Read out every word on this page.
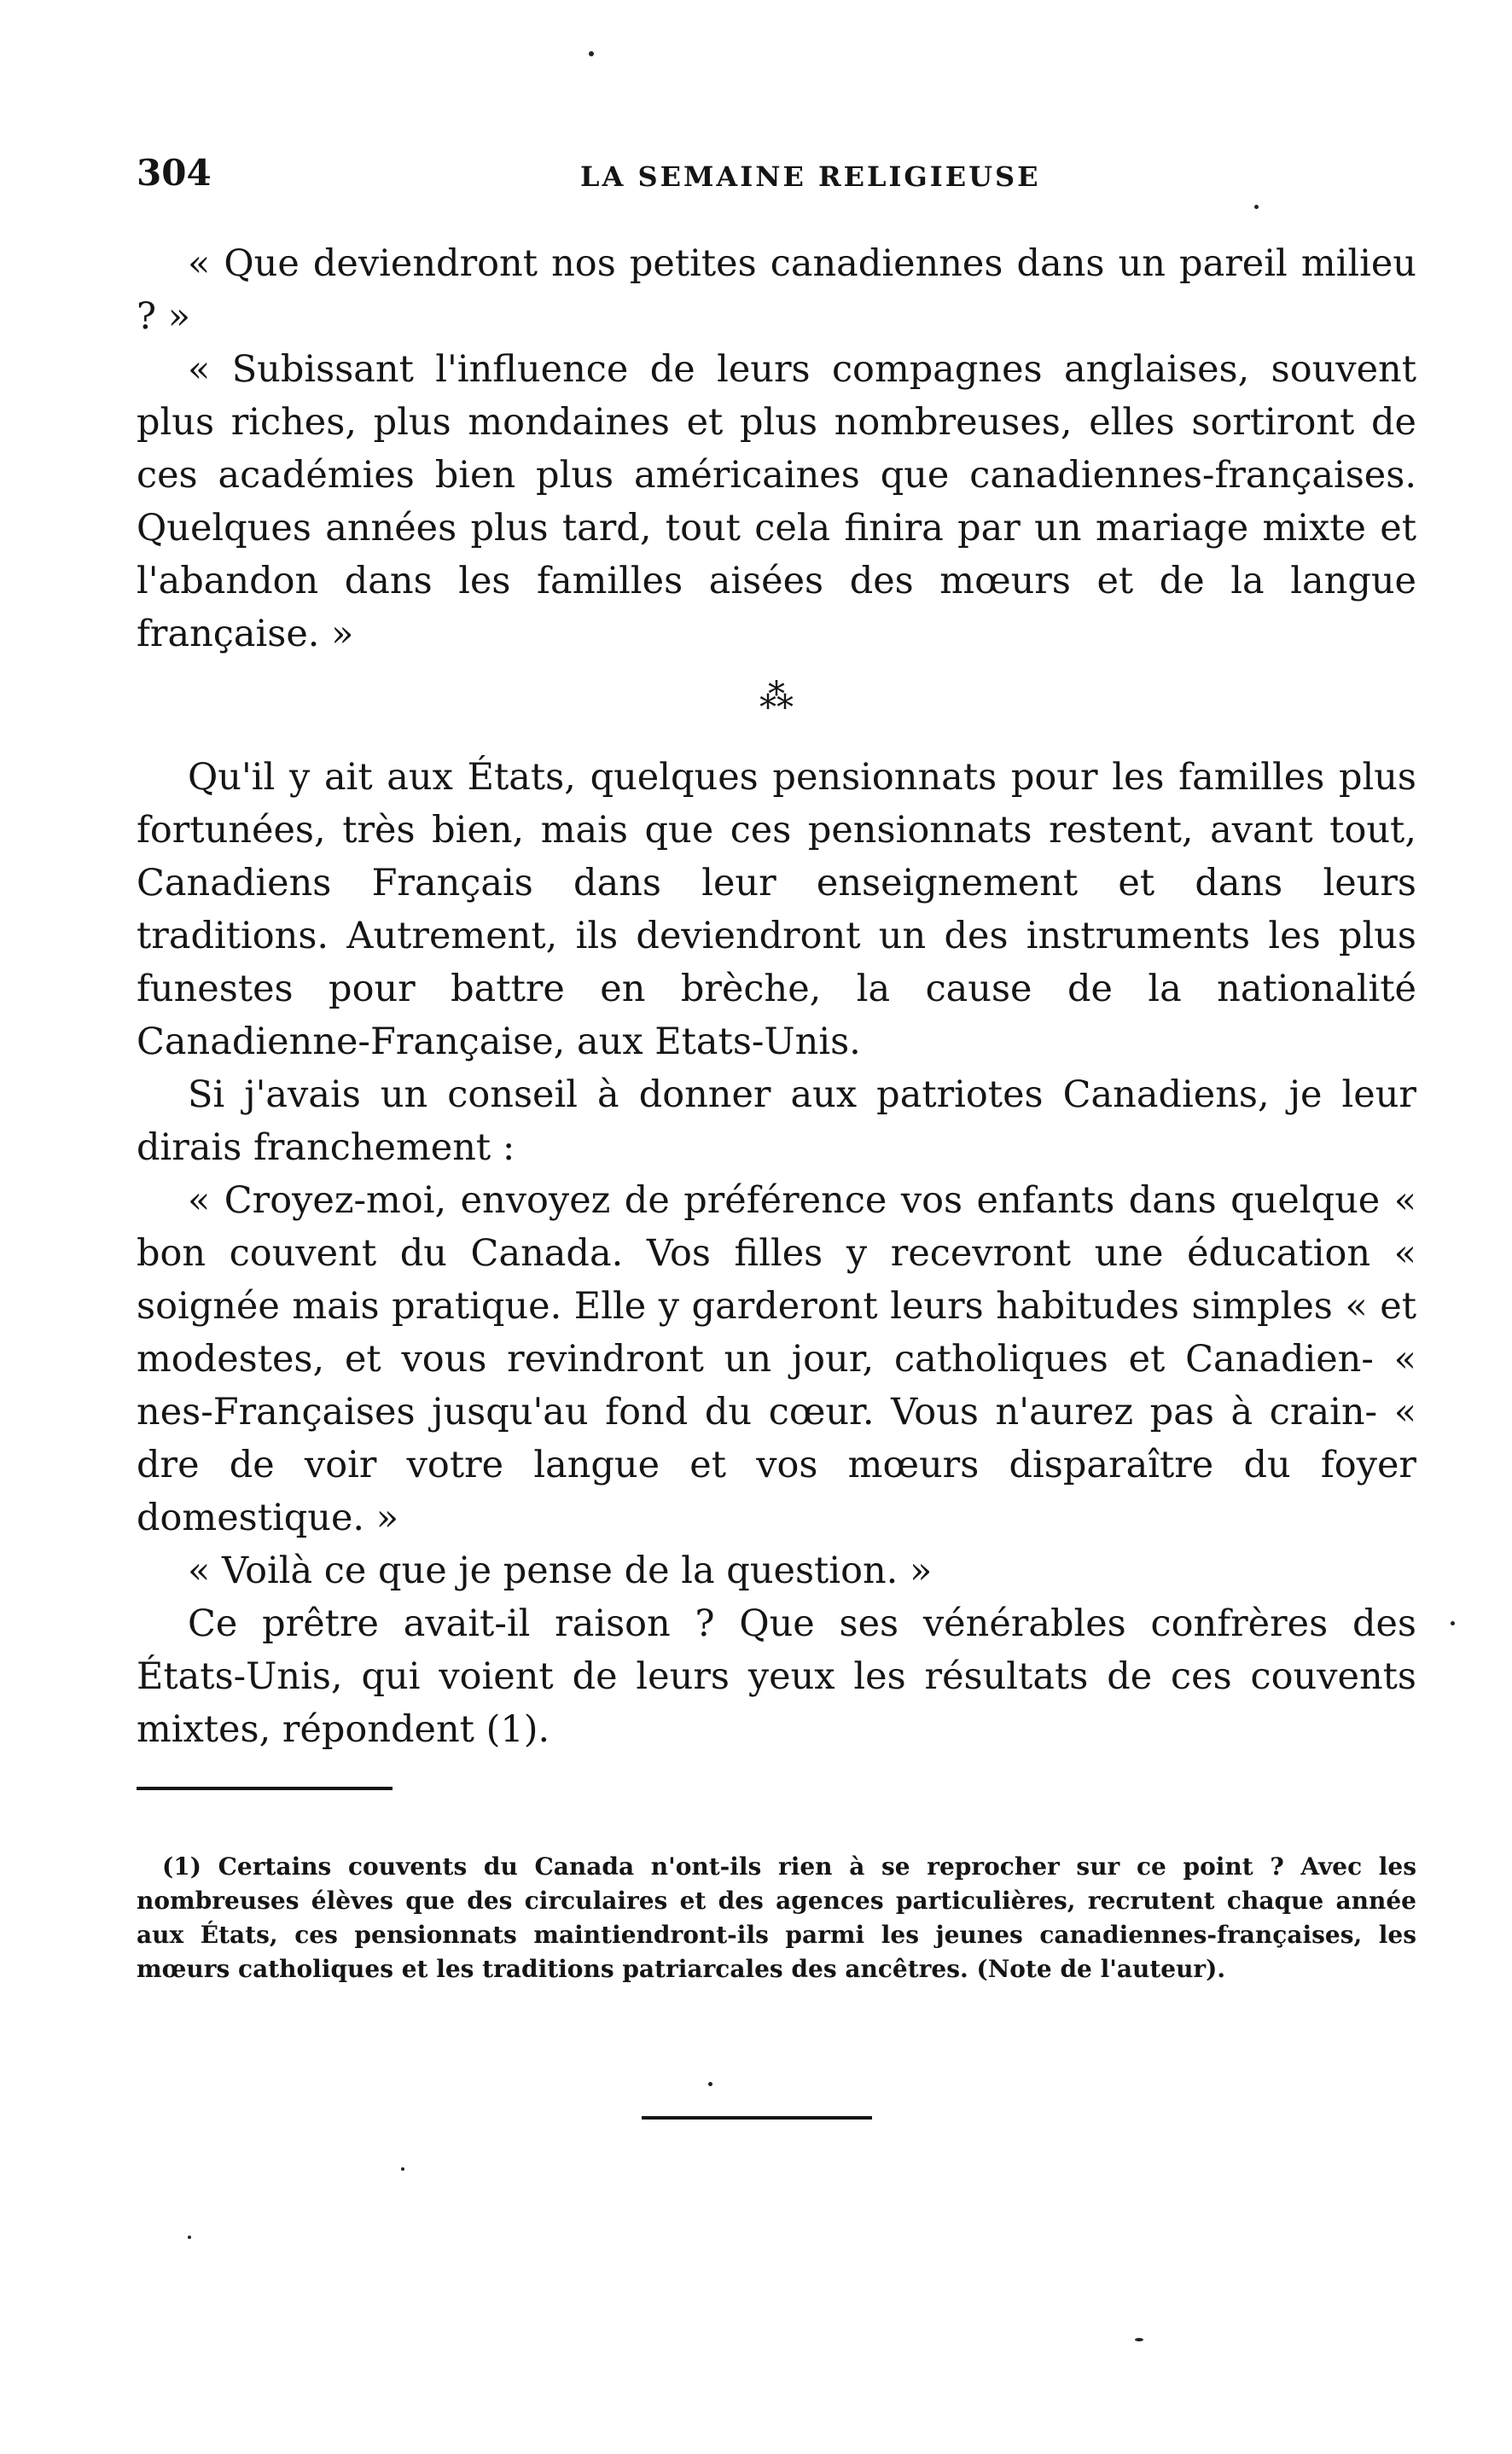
304	LA SEMAINE RELIGIEUSE

« Que deviendront nos petites canadiennes dans un pareil milieu ? »

« Subissant l'influence de leurs compagnes anglaises, souvent plus riches, plus mondaines et plus nombreuses, elles sortiront de ces académies bien plus américaines que canadiennes-françaises. Quelques années plus tard, tout cela finira par un mariage mixte et l'abandon dans les familles aisées des mœurs et de la langue française. »

⁂

Qu'il y ait aux États, quelques pensionnats pour les familles plus fortunées, très bien, mais que ces pensionnats restent, avant tout, Canadiens Français dans leur enseignement et dans leurs traditions. Autrement, ils deviendront un des instruments les plus funestes pour battre en brèche, la cause de la nationalité Canadienne-Française, aux Etats-Unis.

Si j'avais un conseil à donner aux patriotes Canadiens, je leur dirais franchement :

« Croyez-moi, envoyez de préférence vos enfants dans quelque « bon couvent du Canada. Vos filles y recevront une éducation « soignée mais pratique. Elle y garderont leurs habitudes simples « et modestes, et vous revindront un jour, catholiques et Canadien- « nes-Françaises jusqu'au fond du cœur. Vous n'aurez pas à crain- « dre de voir votre langue et vos mœurs disparaître du foyer domestique. »

« Voilà ce que je pense de la question. »

Ce prêtre avait-il raison ? Que ses vénérables confrères des États-Unis, qui voient de leurs yeux les résultats de ces couvents mixtes, répondent (1).

(1) Certains couvents du Canada n'ont-ils rien à se reprocher sur ce point ? Avec les nombreuses élèves que des circulaires et des agences particulières, recrutent chaque année aux États, ces pensionnats maintiendront-ils parmi les jeunes canadiennes-françaises, les mœurs catholiques et les traditions patriarcales des ancêtres. (Note de l'auteur).
